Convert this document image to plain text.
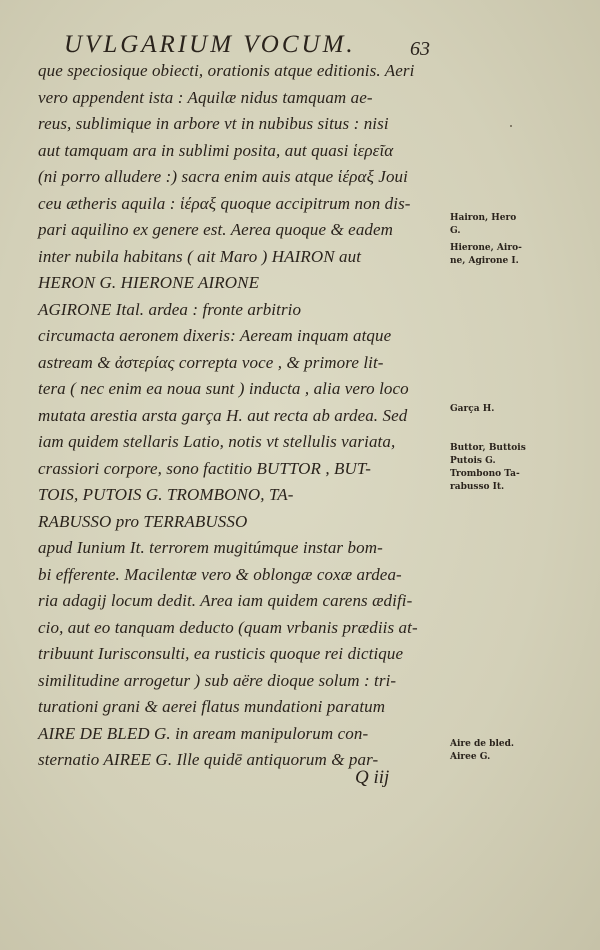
UVLGARIUM VOCUM.	63
que speciosique obiecti, orationis atque editionis. Aeri
vero appendent ista : Aquilæ nidus tamquam ae-
reus, sublimique in arbore vt in nubibus situs : nisi
aut tamquam ara in sublimi posita, aut quasi ἱερεῖα
(ni porro alludere :) sacra enim auis atque ἱέραξ Joui
ceu ætheris aquila : ἱέραξ quoque accipitrum non dis-
pari aquilino ex genere est. Aerea quoque & eadem
inter nubila habitans ( ait Maro ) HAIRON aut
HERON G. HIERONE AIRONE
AGIRONE Ital. ardea : fronte arbitrio
circumacta aeronem dixeris: Aeream inquam atque
astream & ἀστερίας correpta voce , & primore lit-
tera ( nec enim ea noua sunt ) inducta , alia vero loco
mutata arestia arsta garça H. aut recta ab ardea. Sed
iam quidem stellaris Latio, notis vt stellulis variata,
crassiori corpore, sono factitio BUTTOR , BUT-
TOIS, PUTOIS G. TROMBONO, TA-
RABUSSO pro TERRABUSSO
apud Iunium It. terrorem mugitúmque instar bom-
bi efferente. Macilentæ vero & oblongæ coxæ ardea-
ria adagij locum dedit. Area iam quidem carens ædifi-
cio, aut eo tanquam deducto (quam vrbanis prædiis at-
tribuunt Iurisconsulti, ea rusticis quoque rei dictique
similitudine arrogetur ) sub aëre dioque solum : tri-
turationi grani & aerei flatus mundationi paratum
AIRE DE BLED G. in aream manipulorum con-
sternatio AIREE G. Ille quidē antiquorum & par-
Q iij
Hairon, Hero
G.
Hierone, Airo-
ne, Agirone I.
Garça H.
Buttor, Buttois
Putois G.
Trombono Ta-
rabusso It.
Aire de bled.
Airee G.
